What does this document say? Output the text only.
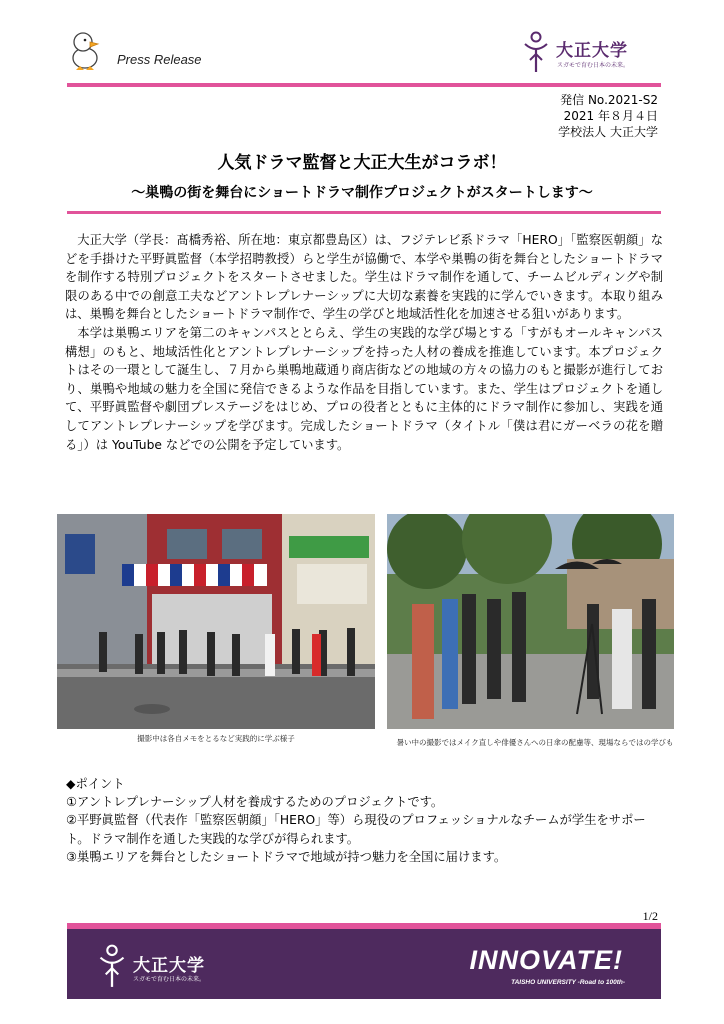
Press Release	大正大学
スガモで育む日本の未来。
発信 No.2021-S2
2021 年８月４日
学校法人 大正大学
人気ドラマ監督と大正大生がコラボ！
～巣鴨の街を舞台にショートドラマ制作プロジェクトがスタートします～

大正大学（学長：髙橋秀裕、所在地：東京都豊島区）は、フジテレビ系ドラマ「HERO」「監察医朝顔」などを手掛けた平野眞監督（本学招聘教授）らと学生が協働で、本学や巣鴨の街を舞台としたショートドラマを制作する特別プロジェクトをスタートさせました。学生はドラマ制作を通して、チームビルディングや制限のある中での創意工夫などアントレプレナーシップに大切な素養を実践的に学んでいきます。本取り組みは、巣鴨を舞台としたショートドラマ制作で、学生の学びと地域活性化を加速させる狙いがあります。

本学は巣鴨エリアを第二のキャンパスととらえ、学生の実践的な学び場とする「すがもオールキャンパス構想」のもと、地域活性化とアントレプレナーシップを持った人材の養成を推進しています。本プロジェクトはその一環として誕生し、７月から巣鴨地蔵通り商店街などの地域の方々の協力のもと撮影が進行しており、巣鴨や地域の魅力を全国に発信できるような作品を目指しています。また、学生はプロジェクトを通して、平野眞監督や劇団プレステージをはじめ、プロの役者とともに主体的にドラマ制作に参加し、実践を通してアントレプレナーシップを学びます。完成したショートドラマ（タイトル「僕は君にガーベラの花を贈る」）は YouTube などでの公開を予定しています。

撮影中は各自メモをとるなど実践的に学ぶ様子	暑い中の撮影ではメイク直しや俳優さんへの日傘の配慮等、現場ならではの学びも
◆ポイント
①アントレプレナーシップ人材を養成するためのプロジェクトです。
②平野眞監督（代表作「監察医朝顔」「HERO」等）ら現役のプロフェッショナルなチームが学生をサポート。ドラマ制作を通した実践的な学びが得られます。
③巣鴨エリアを舞台としたショートドラマで地域が持つ魅力を全国に届けます。
1/2
大正大学
スガモで育む日本の未来。
INNOVATE!
TAISHO UNIVERSITY -Road to 100th-
